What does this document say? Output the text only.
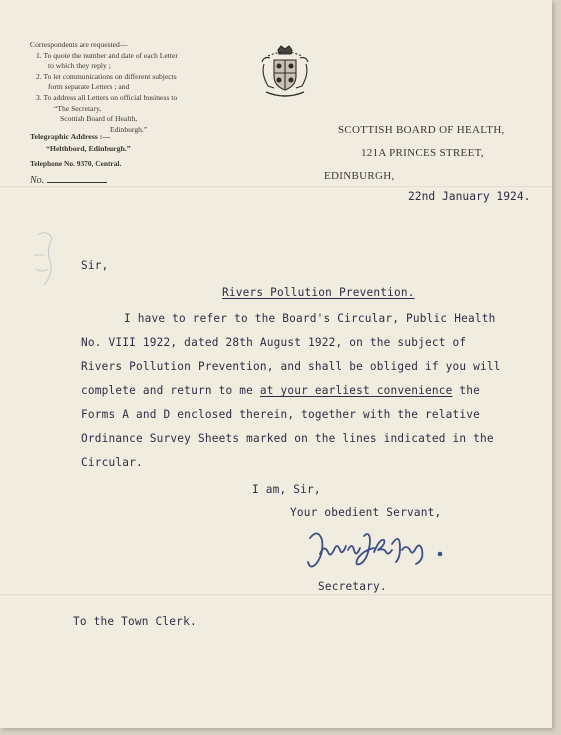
Correspondents are requested—
1. To quote the number and date of each Letter
to which they reply ;
2. To let communications on different subjects
form separate Letters ; and
3. To address all Letters on official business to
“The Secretary,
Scottish Board of Health,
Edinburgh.”
Telegraphic Address :—
“Helthbord, Edinburgh.”
Telephone No. 9370, Central.
No.
SCOTTISH BOARD OF HEALTH,
121A PRINCES STREET,
EDINBURGH,
22nd January 1924.
Sir,
Rivers Pollution Prevention.
I have to refer to the Board's Circular, Public Health
No. VIII 1922, dated 28th August 1922, on the subject of
Rivers Pollution Prevention, and shall be obliged if you will
complete and return to me at your earliest convenience the
Forms A and D enclosed therein, together with the relative
Ordinance Survey Sheets marked on the lines indicated in the
Circular.
I am, Sir,
Your obedient Servant,
Secretary.
To the Town Clerk.
